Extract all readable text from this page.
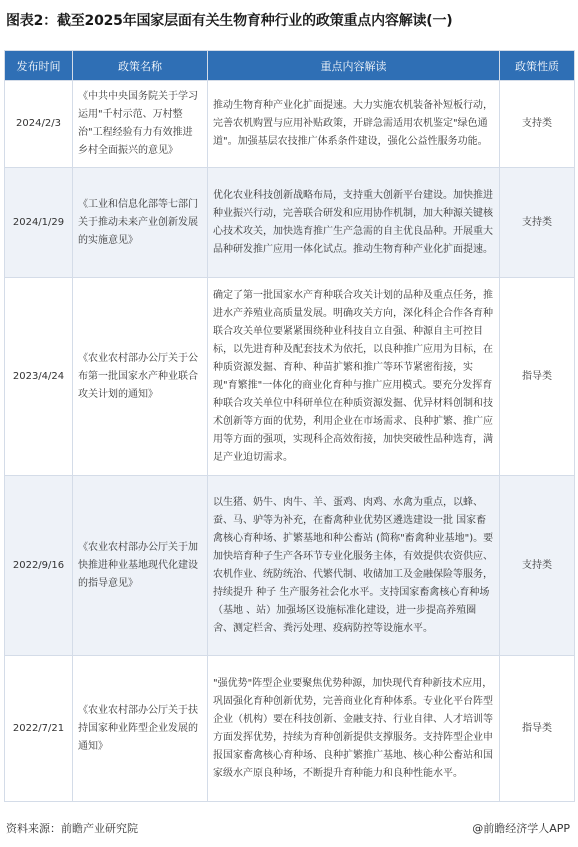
图表2：截至2025年国家层面有关生物育种行业的政策重点内容解读(一)
发布时间	政策名称	重点内容解读	政策性质
2024/2/3	《中共中央国务院关于学习运用"千村示范、万村整治"工程经验有力有效推进乡村全面振兴的意见》	推动生物育种产业化扩面提速。大力实施农机装备补短板行动，完善农机购置与应用补贴政策，开辟急需适用农机鉴定"绿色通道"。加强基层农技推广体系条件建设，强化公益性服务功能。	支持类
2024/1/29	《工业和信息化部等七部门关于推动未来产业创新发展的实施意见》	优化农业科技创新战略布局，支持重大创新平台建设。加快推进种业振兴行动，完善联合研发和应用协作机制，加大种源关键核心技术攻关，加快选育推广生产急需的自主优良品种。开展重大品种研发推广应用一体化试点。推动生物育种产业化扩面提速。	支持类
2023/4/24	《农业农村部办公厅关于公布第一批国家水产种业联合攻关计划的通知》	确定了第一批国家水产育种联合攻关计划的品种及重点任务，推进水产养殖业高质量发展。明确攻关方向，深化科企合作各育种联合攻关单位要紧紧围绕种业科技自立自强、种源自主可控目标，以先进育种及配套技术为依托，以良种推广应用为目标，在种质资源发掘、育种、种苗扩繁和推广等环节紧密衔接，实现"育繁推"一体化的商业化育种与推广应用模式。要充分发挥育种联合攻关单位中科研单位在种质资源发掘、优异材料创制和技术创新等方面的优势，利用企业在市场需求、良种扩繁、推广应用等方面的强项，实现科企高效衔接，加快突破性品种选育，满足产业迫切需求。	指导类
2022/9/16	《农业农村部办公厅关于加快推进种业基地现代化建设的指导意见》	以生猪、奶牛、肉牛、羊、蛋鸡、肉鸡、水禽为重点，以蜂、蚕、马、驴等为补充，在畜禽种业优势区遴选建设一批 国家畜禽核心育种场、扩繁基地和种公畜站 (简称"畜禽种业基地")。要加快培育种子生产各环节专业化服务主体，有效提供农资供应、农机作业、统防统治、代繁代制、收储加工及金融保险等服务，持续提升 种子 生产服务社会化水平。支持国家畜禽核心育种场 （基地 、站）加强场区设施标准化建设，进一步提高养殖圈舍、测定栏舍、粪污处理、疫病防控等设施水平。	支持类
2022/7/21	《农业农村部办公厅关于扶持国家种业阵型企业发展的通知》	"强优势"阵型企业要聚焦优势种源，加快现代育种新技术应用，巩固强化育种创新优势，完善商业化育种体系。专业化平台阵型企业（机构）要在科技创新、金融支持、行业自律、人才培训等方面发挥优势，持续为育种创新提供支撑服务。支持阵型企业申报国家畜禽核心育种场、良种扩繁推广基地、核心种公畜站和国家级水产原良种场，不断提升育种能力和良种性能水平。	指导类
资料来源：前瞻产业研究院	@前瞻经济学人APP
